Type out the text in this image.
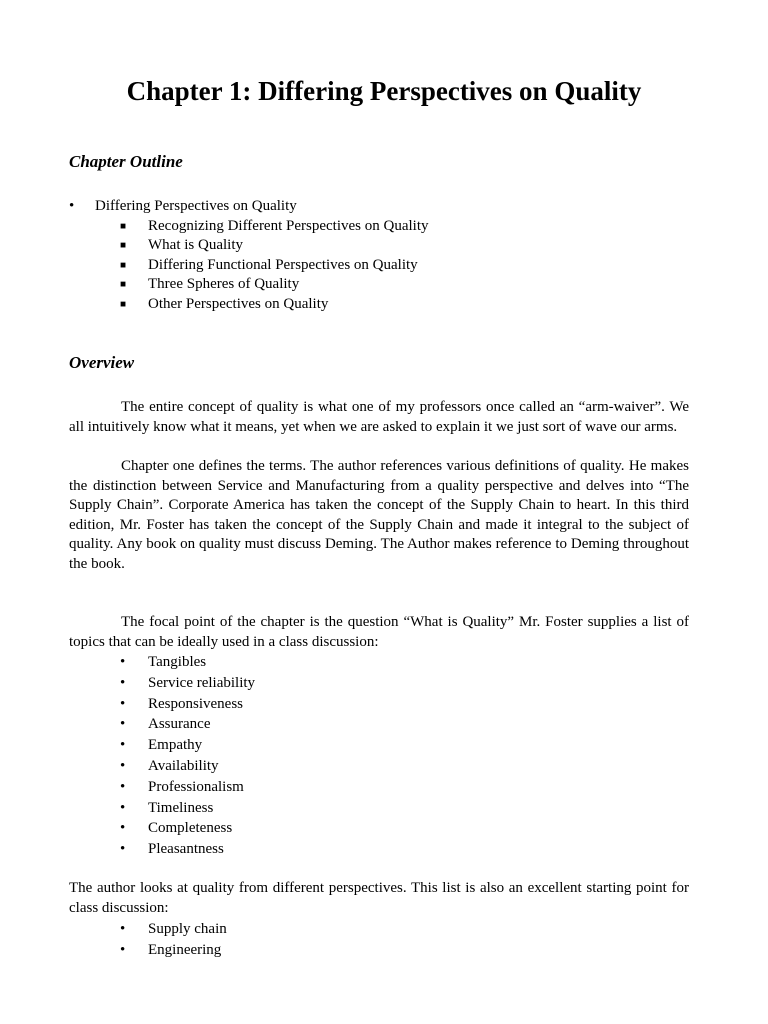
Chapter 1: Differing Perspectives on Quality
Chapter Outline
•	Differing Perspectives on Quality
■ Recognizing Different Perspectives on Quality
■ What is Quality
■ Differing Functional Perspectives on Quality
■ Three Spheres of Quality
■ Other Perspectives on Quality
Overview
The entire concept of quality is what one of my professors once called an “arm-waiver”. We all intuitively know what it means, yet when we are asked to explain it we just sort of wave our arms.
Chapter one defines the terms. The author references various definitions of quality. He makes the distinction between Service and Manufacturing from a quality perspective and delves into “The Supply Chain”. Corporate America has taken the concept of the Supply Chain to heart. In this third edition, Mr. Foster has taken the concept of the Supply Chain and made it integral to the subject of quality. Any book on quality must discuss Deming. The Author makes reference to Deming throughout the book.
The focal point of the chapter is the question “What is Quality” Mr. Foster supplies a list of topics that can be ideally used in a class discussion:
• Tangibles
• Service reliability
• Responsiveness
• Assurance
• Empathy
• Availability
• Professionalism
• Timeliness
• Completeness
• Pleasantness
The author looks at quality from different perspectives. This list is also an excellent starting point for class discussion:
• Supply chain
• Engineering
